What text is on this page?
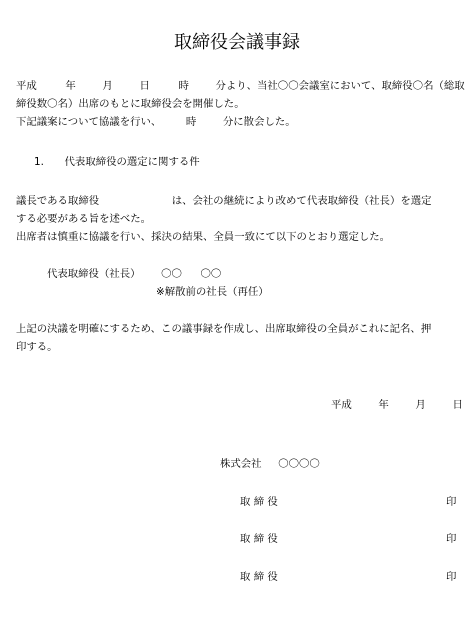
取締役会議事録
平成	年	月	日	時	分より、当社〇〇会議室において、取締役〇名（総取
締役数〇名）出席のもとに取締役会を開催した。
下記議案について協議を行い、 時	分に散会した。
1. 代表取締役の選定に関する件
議長である取締役	は、会社の継続により改めて代表取締役（社長）を選定
する必要がある旨を述べた。
出席者は慎重に協議を行い、採決の結果、全員一致にて以下のとおり選定した。
代表取締役（社長） 〇〇 〇〇
※解散前の社長（再任）
上記の決議を明確にするため、この議事録を作成し、出席取締役の全員がこれに記名、押
印する。
平成	年	月	日
株式会社 〇〇〇〇
取 締 役	印
取 締 役	印
取 締 役	印
